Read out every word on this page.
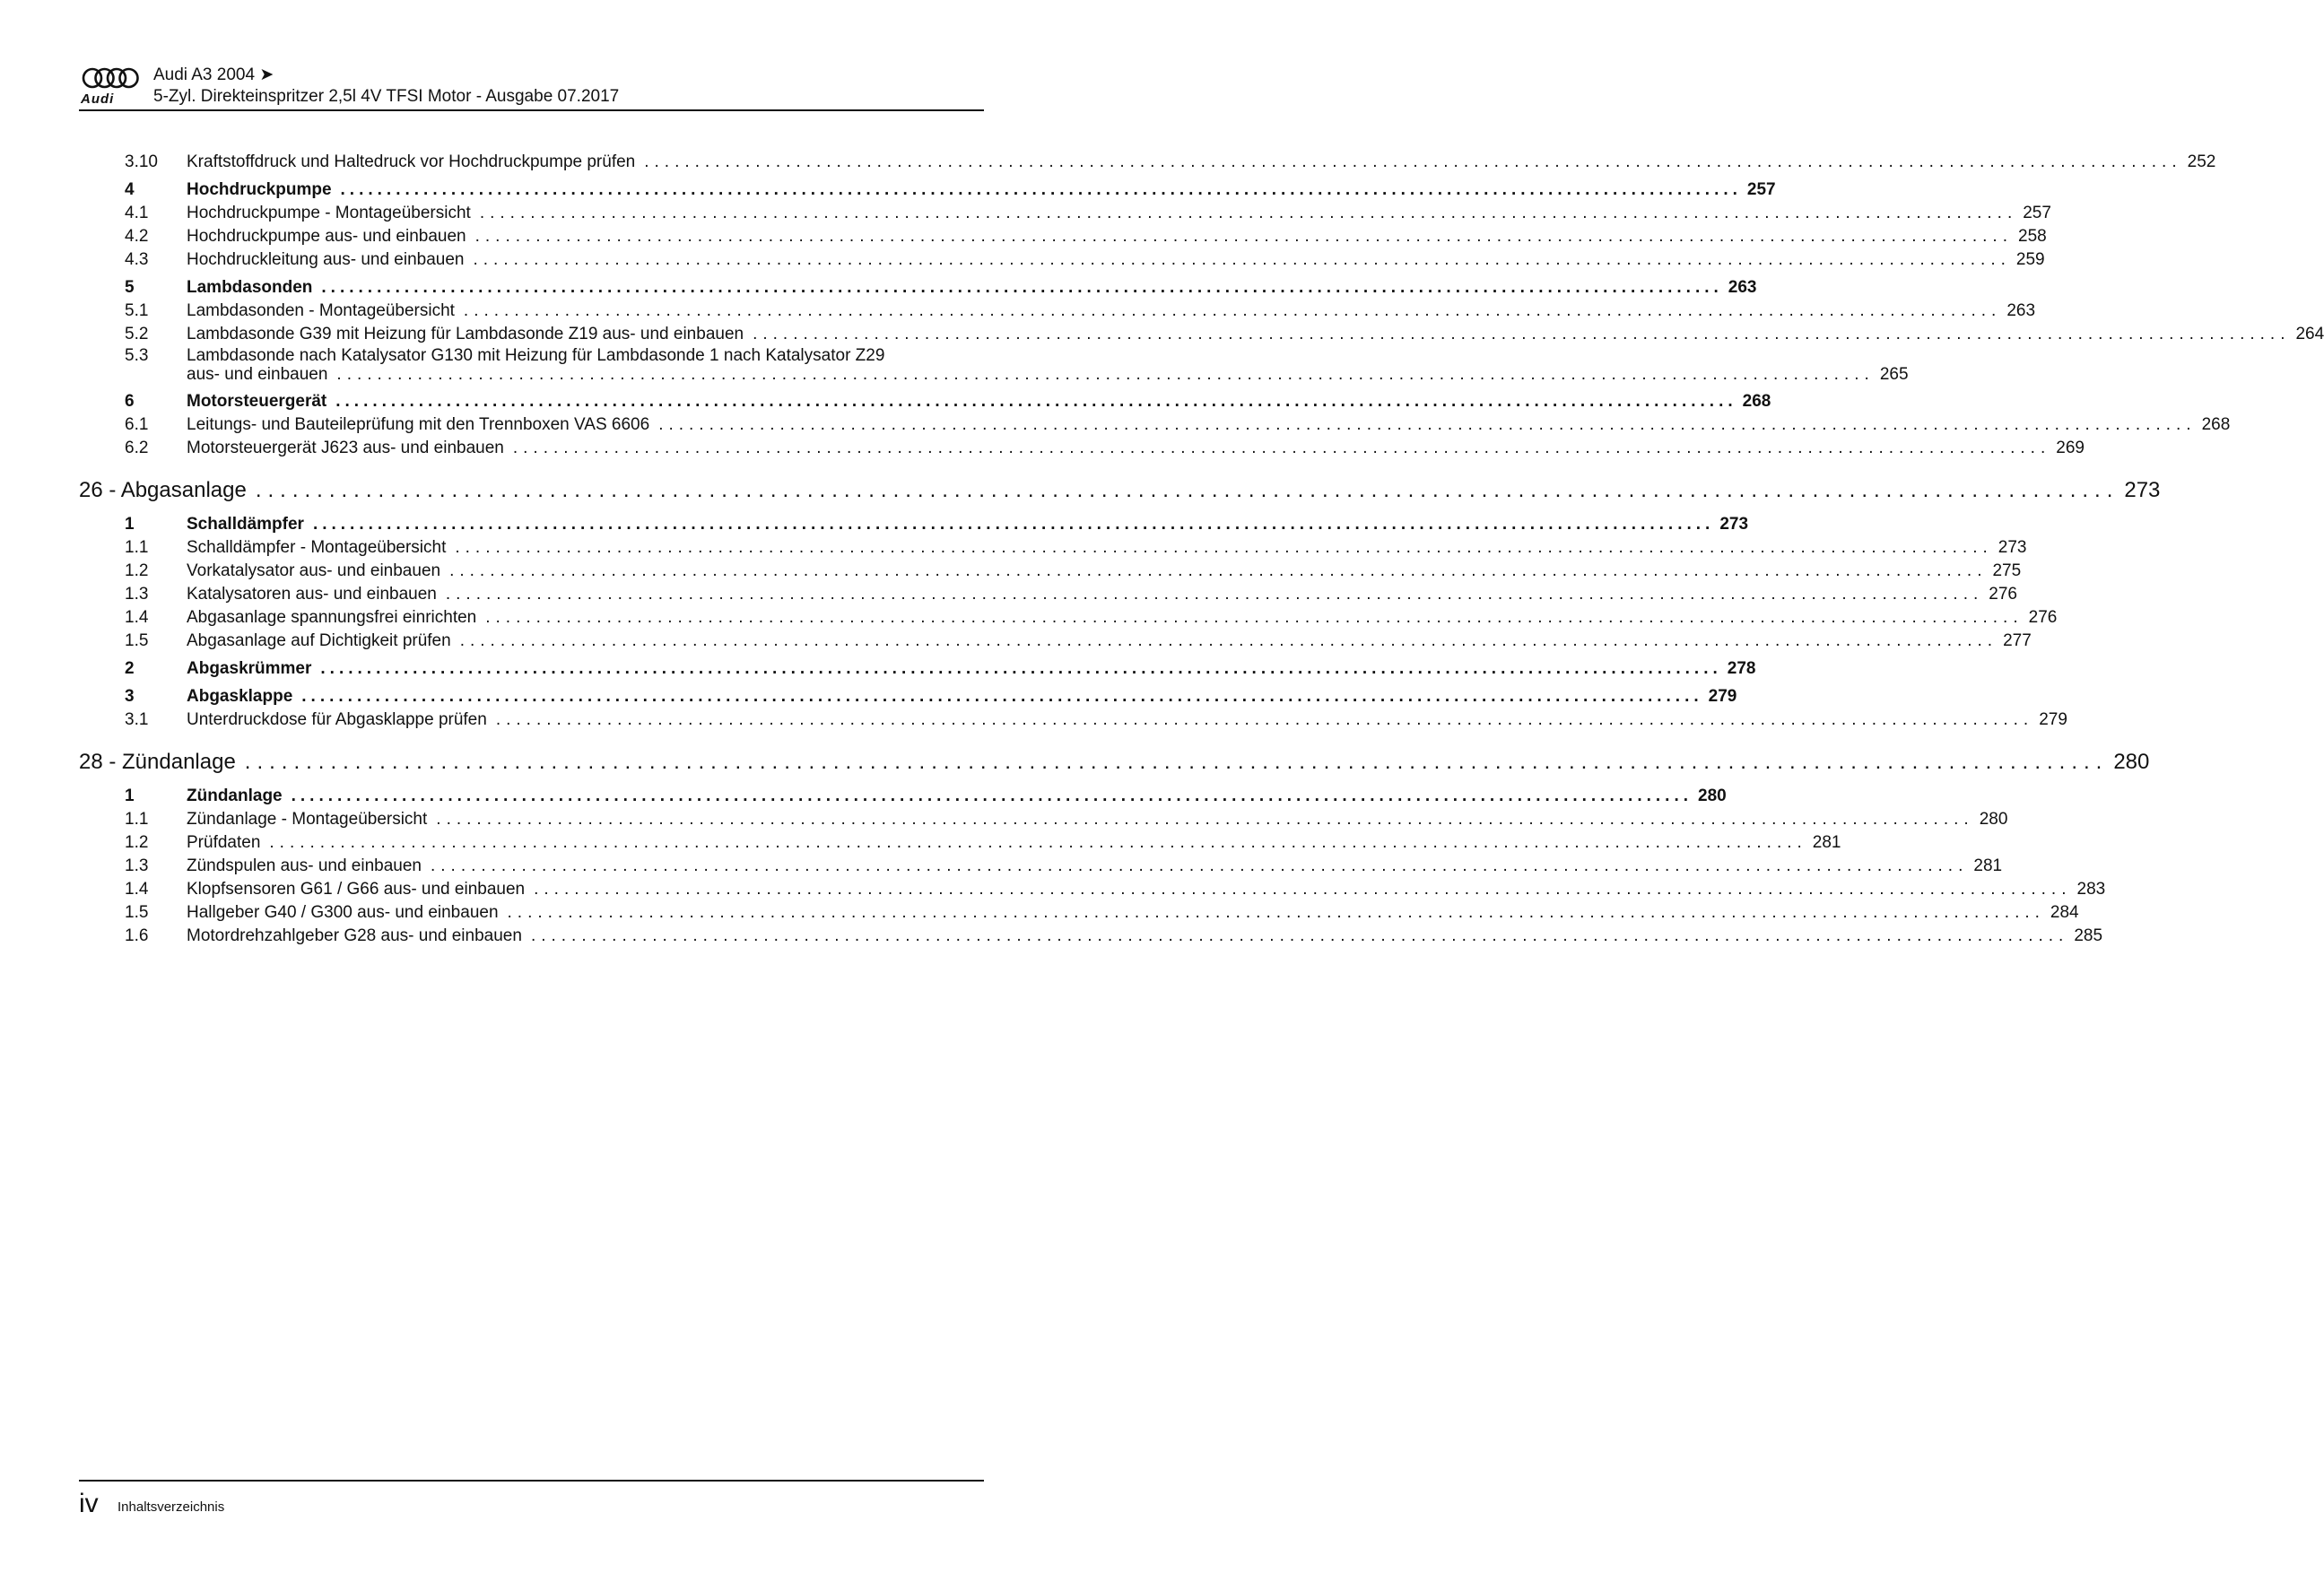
Audi
Audi A3 2004 ➤
5-Zyl. Direkteinspritzer 2,5l 4V TFSI Motor - Ausgabe 07.2017
3.10 Kraftstoffdruck und Haltedruck vor Hochdruckpumpe prüfen ........................................................................................................................................................ 252
4	Hochdruckpumpe ........................................................................................................................................................ 257
4.1 Hochdruckpumpe - Montageübersicht ........................................................................................................................................................ 257
4.2 Hochdruckpumpe aus- und einbauen ........................................................................................................................................................ 258
4.3 Hochdruckleitung aus- und einbauen ........................................................................................................................................................ 259
5	Lambdasonden ........................................................................................................................................................ 263
5.1 Lambdasonden - Montageübersicht ........................................................................................................................................................ 263
5.2 Lambdasonde G39 mit Heizung für Lambdasonde Z19 aus- und einbauen ........................................................................................................................................................ 264
5.3 Lambdasonde nach Katalysator G130 mit Heizung für Lambdasonde 1 nach Katalysator Z29
aus- und einbauen ........................................................................................................................................................ 265
6	Motorsteuergerät ........................................................................................................................................................ 268
6.1 Leitungs- und Bauteileprüfung mit den Trennboxen VAS 6606 ........................................................................................................................................................ 268
6.2 Motorsteuergerät J623 aus- und einbauen ........................................................................................................................................................ 269
26 - Abgasanlage ........................................................................................................................................................ 273
1	Schalldämpfer ........................................................................................................................................................ 273
1.1 Schalldämpfer - Montageübersicht ........................................................................................................................................................ 273
1.2 Vorkatalysator aus- und einbauen ........................................................................................................................................................ 275
1.3 Katalysatoren aus- und einbauen ........................................................................................................................................................ 276
1.4 Abgasanlage spannungsfrei einrichten ........................................................................................................................................................ 276
1.5 Abgasanlage auf Dichtigkeit prüfen ........................................................................................................................................................ 277
2	Abgaskrümmer ........................................................................................................................................................ 278
3	Abgasklappe ........................................................................................................................................................ 279
3.1 Unterdruckdose für Abgasklappe prüfen ........................................................................................................................................................ 279
28 - Zündanlage ........................................................................................................................................................ 280
1	Zündanlage ........................................................................................................................................................ 280
1.1 Zündanlage - Montageübersicht ........................................................................................................................................................ 280
1.2 Prüfdaten ........................................................................................................................................................ 281
1.3 Zündspulen aus- und einbauen ........................................................................................................................................................ 281
1.4 Klopfsensoren G61 / G66 aus- und einbauen ........................................................................................................................................................ 283
1.5 Hallgeber G40 / G300 aus- und einbauen ........................................................................................................................................................ 284
1.6 Motordrehzahlgeber G28 aus- und einbauen ........................................................................................................................................................ 285
iv Inhaltsverzeichnis
